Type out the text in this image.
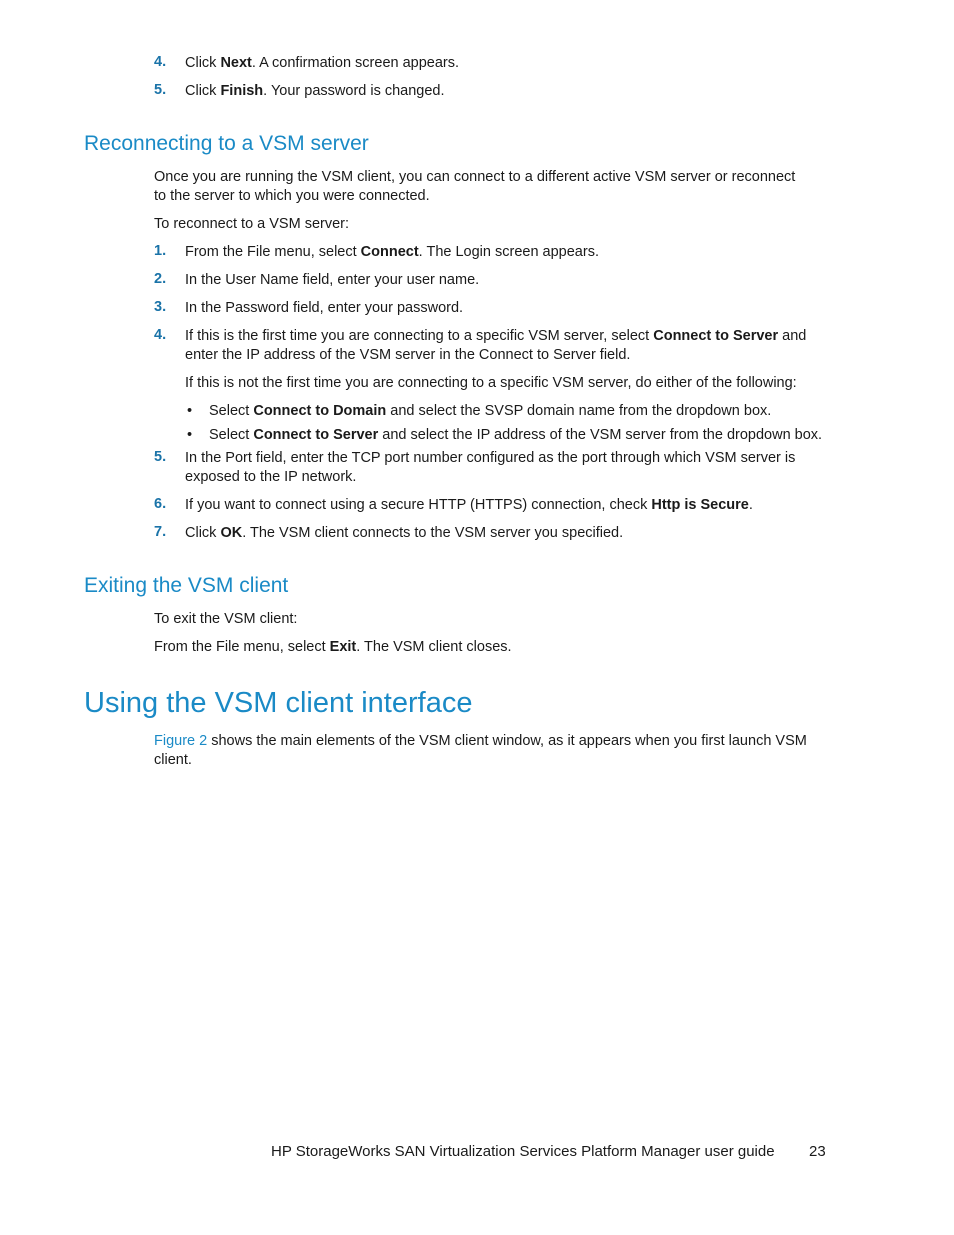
4. Click Next. A confirmation screen appears.
5. Click Finish. Your password is changed.
Reconnecting to a VSM server
Once you are running the VSM client, you can connect to a different active VSM server or reconnect
to the server to which you were connected.
To reconnect to a VSM server:
1. From the File menu, select Connect. The Login screen appears.
2. In the User Name field, enter your user name.
3. In the Password field, enter your password.
4. If this is the first time you are connecting to a specific VSM server, select Connect to Server and
enter the IP address of the VSM server in the Connect to Server field.
If this is not the first time you are connecting to a specific VSM server, do either of the following:
• Select Connect to Domain and select the SVSP domain name from the dropdown box.
• Select Connect to Server and select the IP address of the VSM server from the dropdown box.
5. In the Port field, enter the TCP port number configured as the port through which VSM server is
exposed to the IP network.
6. If you want to connect using a secure HTTP (HTTPS) connection, check Http is Secure.
7. Click OK. The VSM client connects to the VSM server you specified.
Exiting the VSM client
To exit the VSM client:
From the File menu, select Exit. The VSM client closes.
Using the VSM client interface
Figure 2 shows the main elements of the VSM client window, as it appears when you first launch VSM
client.
HP StorageWorks SAN Virtualization Services Platform Manager user guide 23
